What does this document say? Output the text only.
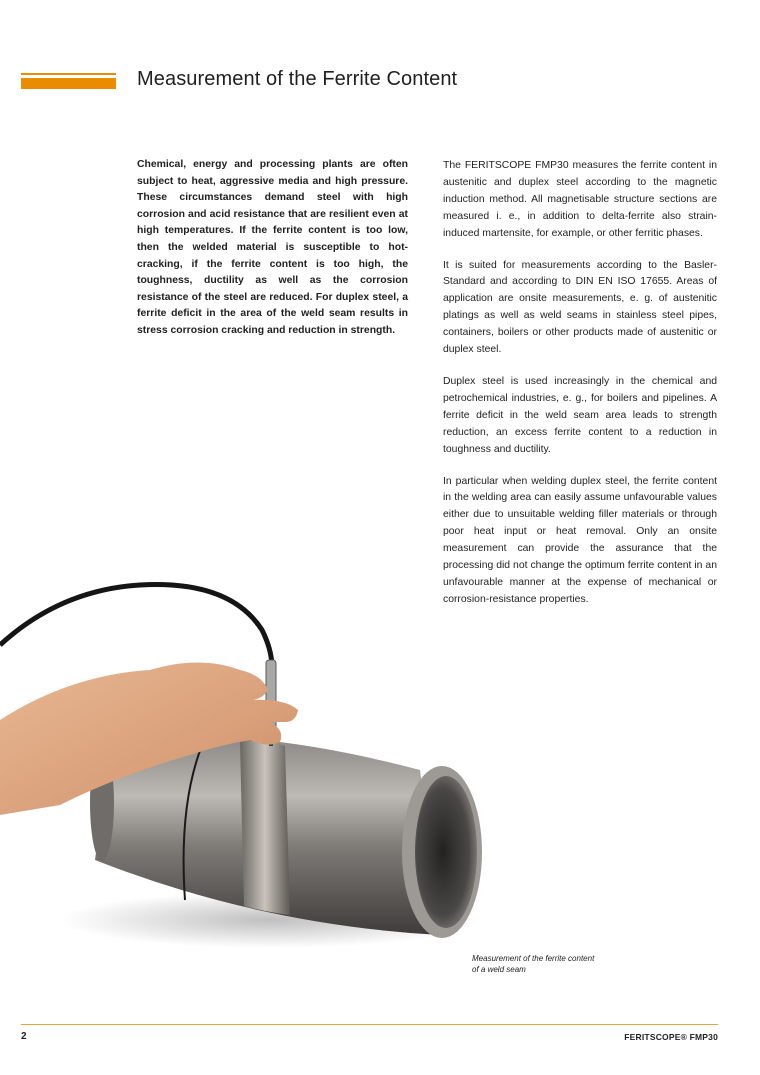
Measurement of the Ferrite Content

Chemical, energy and processing plants are often subject to heat, aggressive media and high pressure. These circumstances demand steel with high corrosion and acid resistance that are resilient even at high temperatures. If the ferrite content is too low, then the welded material is susceptible to hot-cracking, if the ferrite content is too high, the toughness, ductility as well as the corrosion resistance of the steel are reduced. For duplex steel, a ferrite deficit in the area of the weld seam results in stress corrosion cracking and reduction in strength.

The FERITSCOPE FMP30 measures the ferrite content in austenitic and duplex steel according to the magnetic induction method. All magnetisable structure sections are measured i. e., in addition to delta-ferrite also strain-induced martensite, for example, or other ferritic phases.

It is suited for measurements according to the Basler-Standard and according to DIN EN ISO 17655. Areas of application are onsite measurements, e. g. of austenitic platings as well as weld seams in stainless steel pipes, containers, boilers or other products made of austenitic or duplex steel.

Duplex steel is used increasingly in the chemical and petrochemical industries, e. g., for boilers and pipelines. A ferrite deficit in the weld seam area leads to strength reduction, an excess ferrite content to a reduction in toughness and ductility.

In particular when welding duplex steel, the ferrite content in the welding area can easily assume unfavourable values either due to unsuitable welding filler materials or through poor heat input or heat removal. Only an onsite measurement can provide the assurance that the processing did not change the optimum ferrite content in an unfavourable manner at the expense of mechanical or corrosion-resistance properties.

Measurement of the ferrite content
of a weld seam
2	FERITSCOPE® FMP30
